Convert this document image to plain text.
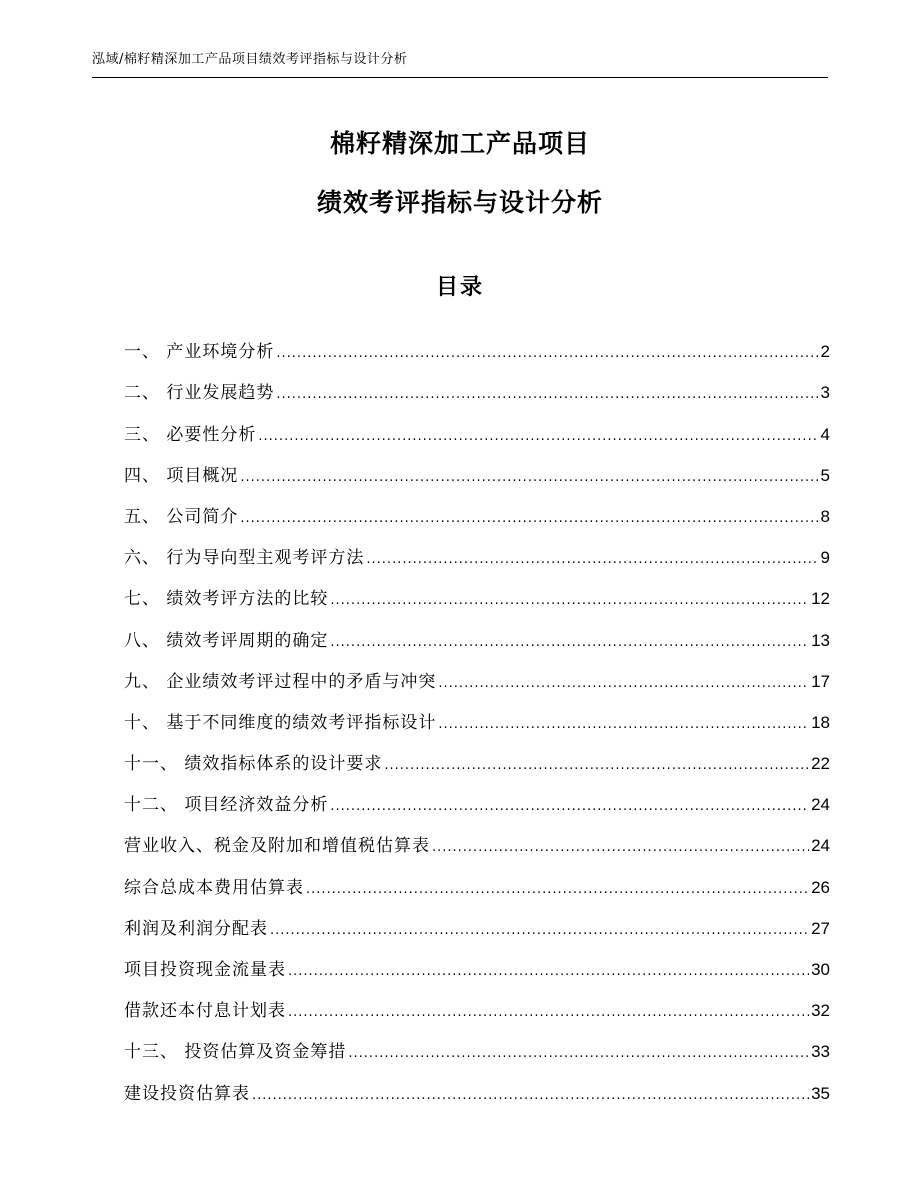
泓域/棉籽精深加工产品项目绩效考评指标与设计分析
棉籽精深加工产品项目
绩效考评指标与设计分析
目录
一、 产业环境分析 .....	2
二、 行业发展趋势 .....	3
三、 必要性分析 .....	4
四、 项目概况 .....	5
五、 公司简介 .....	8
六、 行为导向型主观考评方法 .....	9
七、 绩效考评方法的比较 .....	12
八、 绩效考评周期的确定 .....	13
九、 企业绩效考评过程中的矛盾与冲突 .....	17
十、 基于不同维度的绩效考评指标设计 .....	18
十一、 绩效指标体系的设计要求 .....	22
十二、 项目经济效益分析 .....	24
营业收入、税金及附加和增值税估算表 .....	24
综合总成本费用估算表 .....	26
利润及利润分配表 .....	27
项目投资现金流量表 .....	30
借款还本付息计划表 .....	32
十三、 投资估算及资金筹措 .....	33
建设投资估算表 .....	35
